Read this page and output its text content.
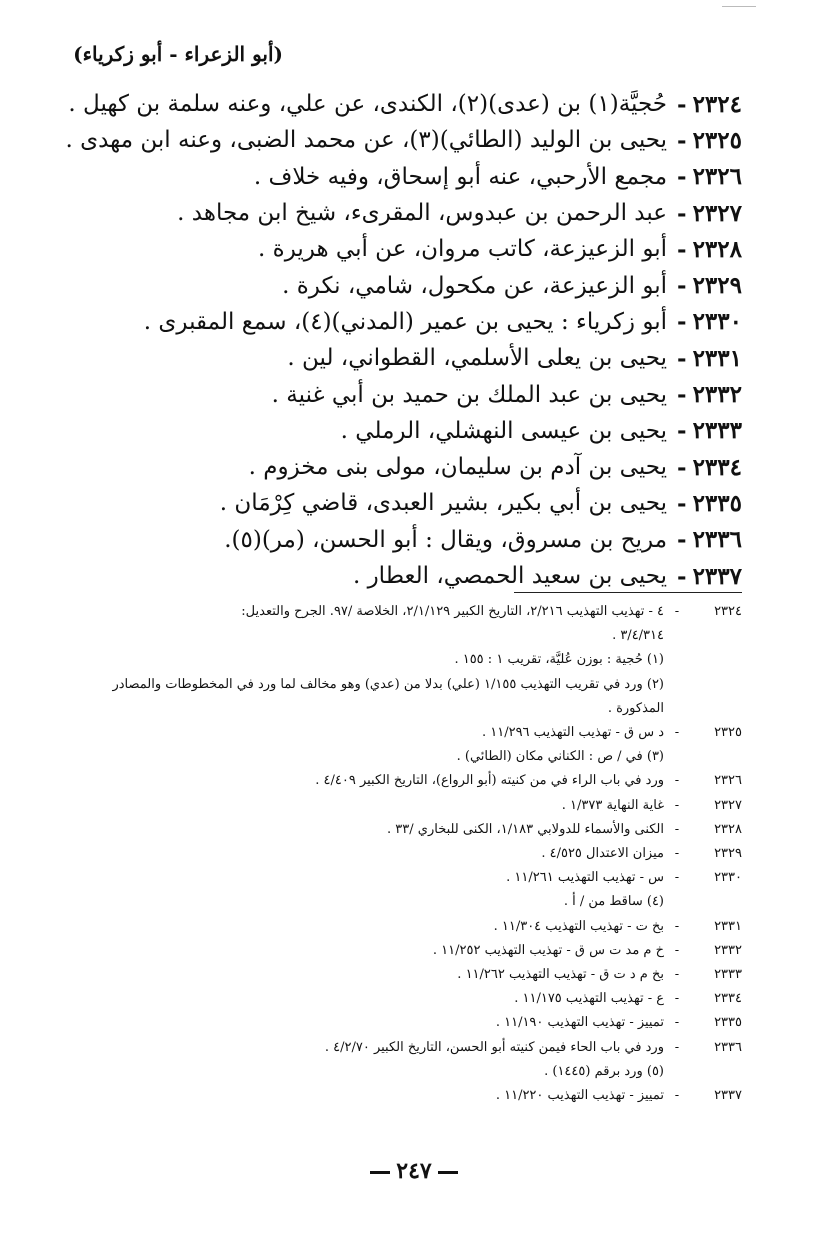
(أبو الزعراء - أبو زكرياء)
٢٣٢٤
-
حُجيَّة(١) بن (عدى)(٢)، الكندى، عن علي، وعنه سلمة بن كهيل .
٢٣٢٥
-
يحيى بن الوليد (الطائي)(٣)، عن محمد الضبى، وعنه ابن مهدى .
٢٣٢٦
-
مجمع الأرحبي، عنه أبو إسحاق، وفيه خلاف .
٢٣٢٧
-
عبد الرحمن بن عبدوس، المقرىء، شيخ ابن مجاهد .
٢٣٢٨
-
أبو الزعيزعة، كاتب مروان، عن أبي هريرة .
٢٣٢٩
-
أبو الزعيزعة، عن مكحول، شامي، نكرة .
٢٣٣٠
-
أبو زكرياء : يحيى بن عمير (المدني)(٤)، سمع المقبرى .
٢٣٣١
-
يحيى بن يعلى الأسلمي، القطواني، لين .
٢٣٣٢
-
يحيى بن عبد الملك بن حميد بن أبي غنية .
٢٣٣٣
-
يحيى بن عيسى النهشلي، الرملي .
٢٣٣٤
-
يحيى بن آدم بن سليمان، مولى بنى مخزوم .
٢٣٣٥
-
يحيى بن أبي بكير، بشير العبدى، قاضي كِرْمَان .
٢٣٣٦
-
مريح بن مسروق، ويقال : أبو الحسن، (مر)(٥).
٢٣٣٧
-
يحيى بن سعيد الحمصي، العطار .
٢٣٢٤
-
٤ - تهذيب التهذيب ٢/٢١٦، التاريخ الكبير ٢/١/١٢٩، الخلاصة /٩٧. الجرح والتعديل:
٣/٤/٣١٤ .
(١) حُجية : بوزن عُليَّة، تقريب ١ : ١٥٥ .
(٢) ورد في تقريب التهذيب ١/١٥٥ (علي) بدلا من (عدي) وهو مخالف لما ورد في المخطوطات والمصادر
المذكورة .
٢٣٢٥
-
د س ق - تهذيب التهذيب ١١/٢٩٦ .
(٣) في / ص : الكناني مكان (الطائي) .
٢٣٢٦
-
ورد في باب الراء في من كنيته (أبو الرواع)، التاريخ الكبير ٤/٤٠٩ .
٢٣٢٧
-
غاية النهاية ١/٣٧٣ .
٢٣٢٨
-
الكنى والأسماء للدولابي ١/١٨٣، الكنى للبخاري /٣٣ .
٢٣٢٩
-
ميزان الاعتدال ٤/٥٢٥ .
٢٣٣٠
-
س - تهذيب التهذيب ١١/٢٦١ .
(٤) ساقط من / أ .
٢٣٣١
-
بخ ت - تهذيب التهذيب ١١/٣٠٤ .
٢٣٣٢
-
خ م مد ت س ق - تهذيب التهذيب ١١/٢٥٢ .
٢٣٣٣
-
بخ م د ت ق - تهذيب التهذيب ١١/٢٦٢ .
٢٣٣٤
-
ع - تهذيب التهذيب ١١/١٧٥ .
٢٣٣٥
-
تمييز - تهذيب التهذيب ١١/١٩٠ .
٢٣٣٦
-
ورد في باب الحاء فيمن كنيته أبو الحسن، التاريخ الكبير ٤/٢/٧٠ .
(٥) ورد برقم (١٤٤٥) .
٢٣٣٧
-
تمييز - تهذيب التهذيب ١١/٢٢٠ .
٢٤٧
